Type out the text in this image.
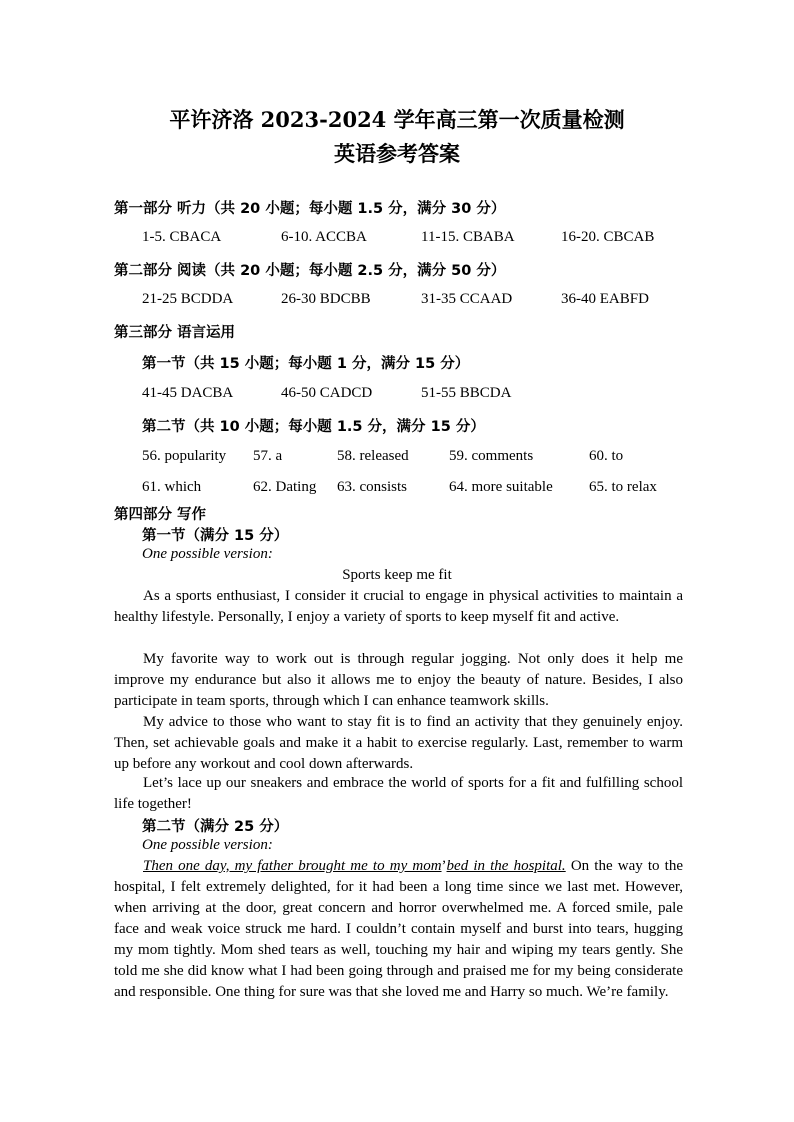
平许济洛 2023-2024 学年高三第一次质量检测
英语参考答案
第一部分 听力（共 20 小题；每小题 1.5 分，满分 30 分）
1-5. CBACA	6-10. ACCBA	11-15. CBABA	16-20. CBCAB
第二部分 阅读（共 20 小题；每小题 2.5 分，满分 50 分）
21-25 BCDDA	26-30 BDCBB	31-35 CCAAD	36-40 EABFD
第三部分 语言运用
第一节（共 15 小题；每小题 1 分，满分 15 分）
41-45 DACBA	46-50 CADCD	51-55 BBCDA
第二节（共 10 小题；每小题 1.5 分，满分 15 分）
56. popularity 57. a	58. released	59. comments	60. to
61. which	62. Dating 63. consists	64. more suitable 65. to relax
第四部分 写作
第一节（满分 15 分）
One possible version:
Sports keep me fit

As a sports enthusiast, I consider it crucial to engage in physical activities to maintain a healthy lifestyle. Personally, I enjoy a variety of sports to keep myself fit and active.

My favorite way to work out is through regular jogging. Not only does it help me improve my endurance but also it allows me to enjoy the beauty of nature. Besides, I also participate in team sports, through which I can enhance teamwork skills.

My advice to those who want to stay fit is to find an activity that they genuinely enjoy. Then, set achievable goals and make it a habit to exercise regularly. Last, remember to warm up before any workout and cool down afterwards.

Let’s lace up our sneakers and embrace the world of sports for a fit and fulfilling school life together!

第二节（满分 25 分）
One possible version:

Then one day, my father brought me to my mom’bed in the hospital. On the way to the hospital, I felt extremely delighted, for it had been a long time since we last met. However, when arriving at the door, great concern and horror overwhelmed me. A forced smile, pale face and weak voice struck me hard. I couldn’t contain myself and burst into tears, hugging my mom tightly. Mom shed tears as well, touching my hair and wiping my tears gently. She told me she did know what I had been going through and praised me for my being considerate and responsible. One thing for sure was that she loved me and Harry so much. We’re family.
